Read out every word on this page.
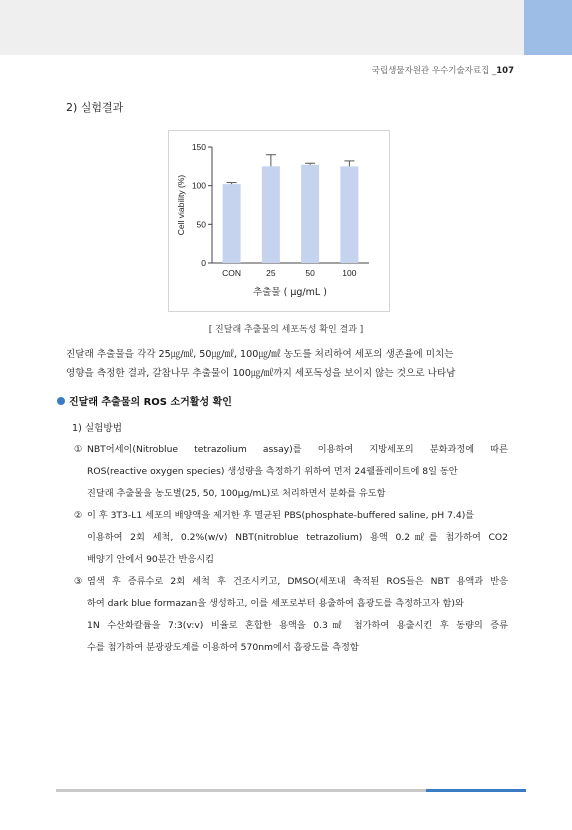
국립생물자원관 우수기술자료집 _107
2) 실험결과
Cell viability (%)
추출물 ( μg/mL )
0
50
100
150
CON	25	50	100
[ 진달래 추출물의 세포독성 확인 결과 ]
진달래 추출물을 각각 25㎍/㎖, 50㎍/㎖, 100㎍/㎖ 농도를 처리하여 세포의 생존율에 미치는
영향을 측정한 결과, 갈참나무 추출물이 100㎍/㎖까지 세포독성을 보이지 않는 것으로 나타남
진달래 추출물의 ROS 소거활성 확인
1) 실험방법
① NBT어세이(Nitroblue tetrazolium assay)를 이용하여 지방세포의 분화과정에 따른
ROS(reactive oxygen species) 생성량을 측정하기 위하여 먼저 24웰플레이트에 8일 동안
진달래 추출물을 농도별(25, 50, 100μg/mL)로 처리하면서 분화를 유도함
② 이 후 3T3-L1 세포의 배양액을 제거한 후 멸균된 PBS(phosphate-buffered saline, pH 7.4)를
이용하여 2회 세척, 0.2%(w/v) NBT(nitroblue tetrazolium) 용액 0.2㎖를 첨가하여 CO2
배양기 안에서 90분간 반응시킴
③ 염색 후 증류수로 2회 세척 후 건조시키고, DMSO(세포내 축적된 ROS들은 NBT 용액과 반응
하여 dark blue formazan을 생성하고, 이를 세포로부터 용출하여 흡광도를 측정하고자 함)와
1N 수산화칼륨을 7:3(v:v) 비율로 혼합한 용액을 0.3㎖ 첨가하여 용출시킨 후 동량의 증류
수를 첨가하여 분광광도계를 이용하여 570nm에서 흡광도를 측정함
